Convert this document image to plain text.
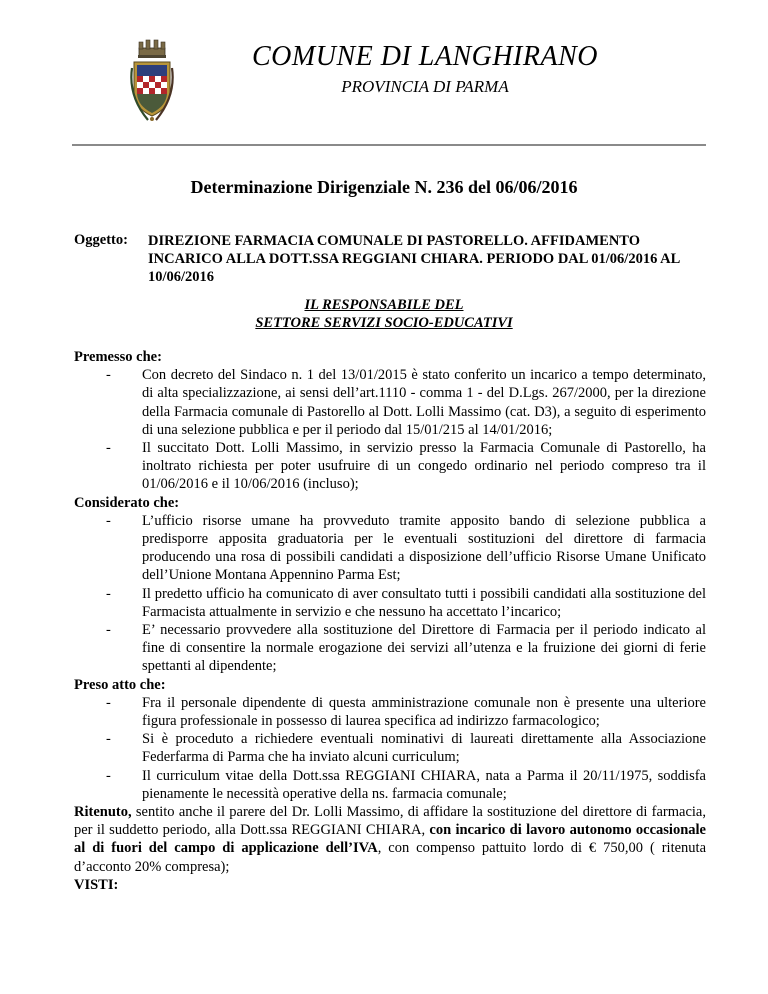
COMUNE DI LANGHIRANO
PROVINCIA DI PARMA
Determinazione Dirigenziale N. 236 del 06/06/2016
Oggetto: DIREZIONE FARMACIA COMUNALE DI PASTORELLO. AFFIDAMENTO INCARICO ALLA DOTT.SSA REGGIANI CHIARA. PERIODO DAL 01/06/2016 AL 10/06/2016
IL RESPONSABILE DEL
SETTORE SERVIZI SOCIO-EDUCATIVI
Premesso che:
- Con decreto del Sindaco n. 1 del 13/01/2015 è stato conferito un incarico a tempo determinato, di alta specializzazione, ai sensi dell’art.1110 - comma 1 - del D.Lgs. 267/2000, per la direzione della Farmacia comunale di Pastorello al Dott. Lolli Massimo (cat. D3), a seguito di esperimento di una selezione pubblica e per il periodo dal 15/01/215 al 14/01/2016;
- Il succitato Dott. Lolli Massimo, in servizio presso la Farmacia Comunale di Pastorello, ha inoltrato richiesta per poter usufruire di un congedo ordinario nel periodo compreso tra il 01/06/2016 e il 10/06/2016 (incluso);
Considerato che:
- L’ufficio risorse umane ha provveduto tramite apposito bando di selezione pubblica a predisporre apposita graduatoria per le eventuali sostituzioni del direttore di farmacia producendo una rosa di possibili candidati a disposizione dell’ufficio Risorse Umane Unificato dell’Unione Montana Appennino Parma Est;
- Il predetto ufficio ha comunicato di aver consultato tutti i possibili candidati alla sostituzione del Farmacista attualmente in servizio e che nessuno ha accettato l’incarico;
- E’ necessario provvedere alla sostituzione del Direttore di Farmacia per il periodo indicato al fine di consentire la normale erogazione dei servizi all’utenza e la fruizione dei giorni di ferie spettanti al dipendente;
Preso atto che:
- Fra il personale dipendente di questa amministrazione comunale non è presente una ulteriore figura professionale in possesso di laurea specifica ad indirizzo farmacologico;
- Si è proceduto a richiedere eventuali nominativi di laureati direttamente alla Associazione Federfarma di Parma che ha inviato alcuni curriculum;
- Il curriculum vitae della Dott.ssa REGGIANI CHIARA, nata a Parma il 20/11/1975, soddisfa pienamente le necessità operative della ns. farmacia comunale;
Ritenuto, sentito anche il parere del Dr. Lolli Massimo, di affidare la sostituzione del direttore di farmacia, per il suddetto periodo, alla Dott.ssa REGGIANI CHIARA, con incarico di lavoro autonomo occasionale al di fuori del campo di applicazione dell’IVA, con compenso pattuito lordo di € 750,00 ( ritenuta d’acconto 20% compresa);
VISTI:
